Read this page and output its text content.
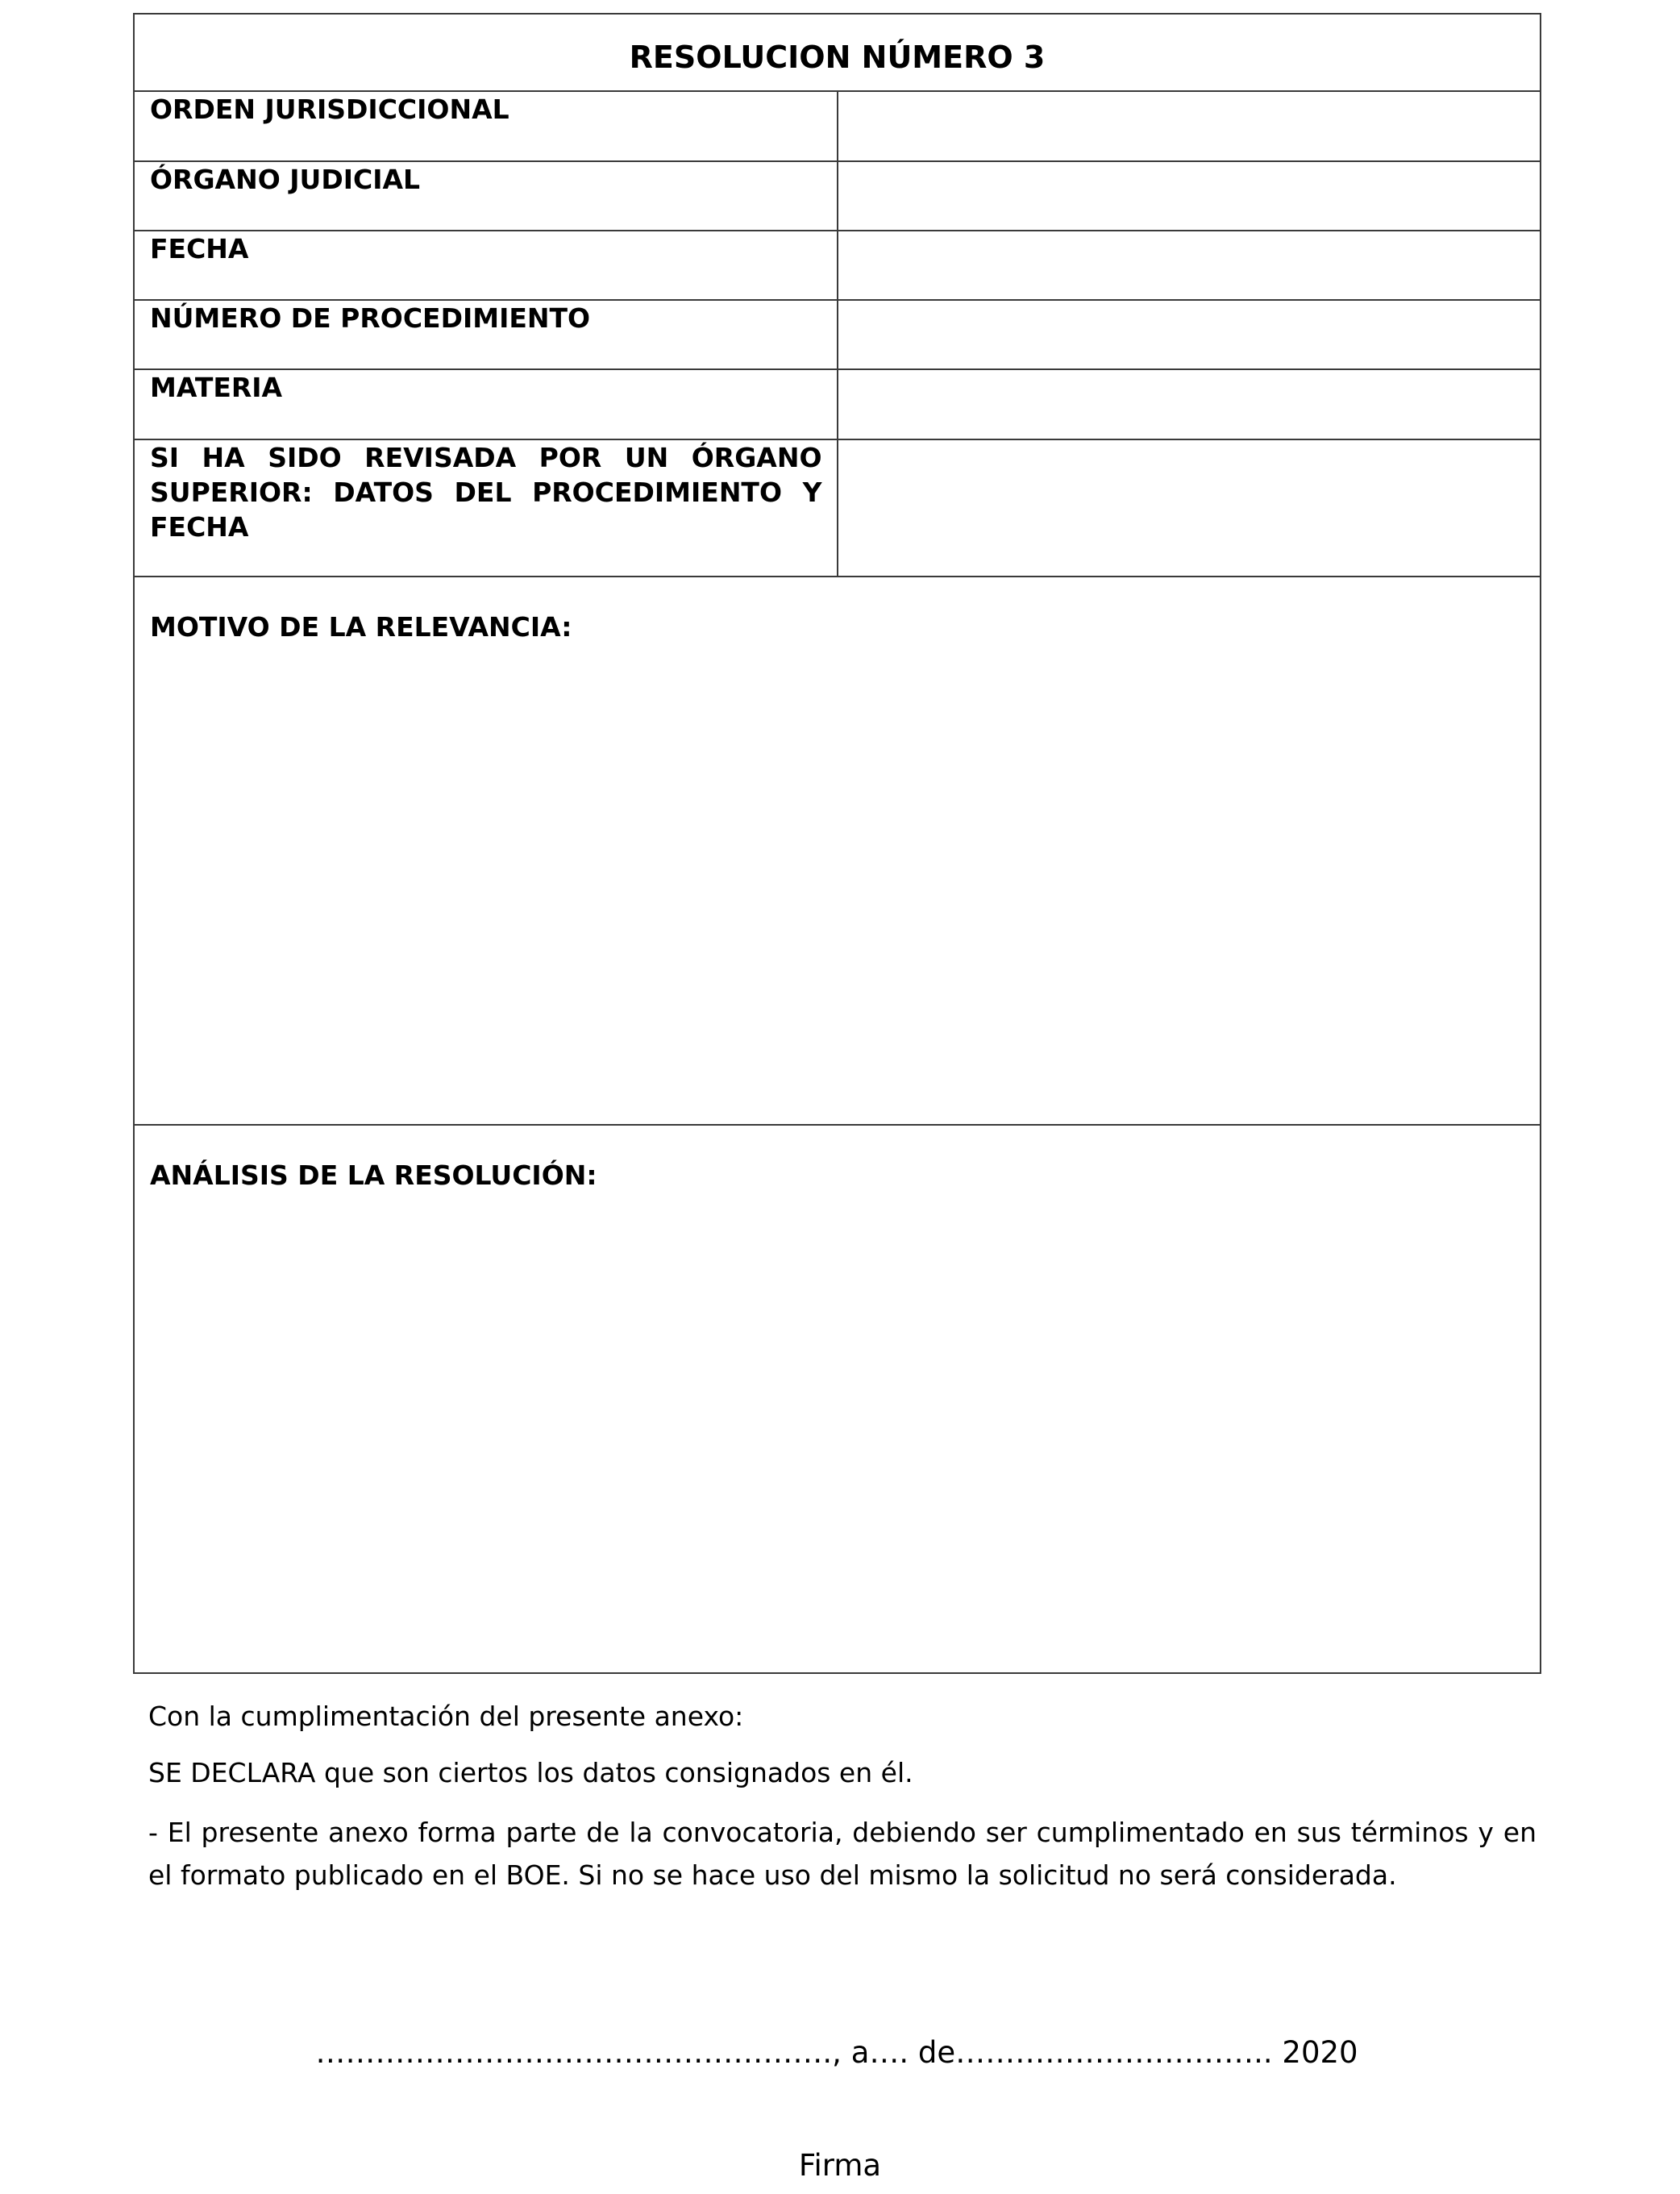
RESOLUCION NÚMERO 3	

ORDEN JURISDICCIONAL	

ÓRGANO JUDICIAL	

FECHA	

NÚMERO DE PROCEDIMIENTO	

MATERIA	

SI HA SIDO REVISADA POR UN ÓRGANO SUPERIOR: DATOS DEL PROCEDIMIENTO Y FECHA	

MOTIVO DE LA RELEVANCIA:	
ANÁLISIS DE LA RESOLUCIÓN:	

Con la cumplimentación del presente anexo:

SE DECLARA que son ciertos los datos consignados en él.

- El presente anexo forma parte de la convocatoria, debiendo ser cumplimentado en sus términos y en el formato publicado en el BOE. Si no se hace uso del mismo la solicitud no será considerada.

……………………………………………., a…. de………………………….. 2020
Firma
